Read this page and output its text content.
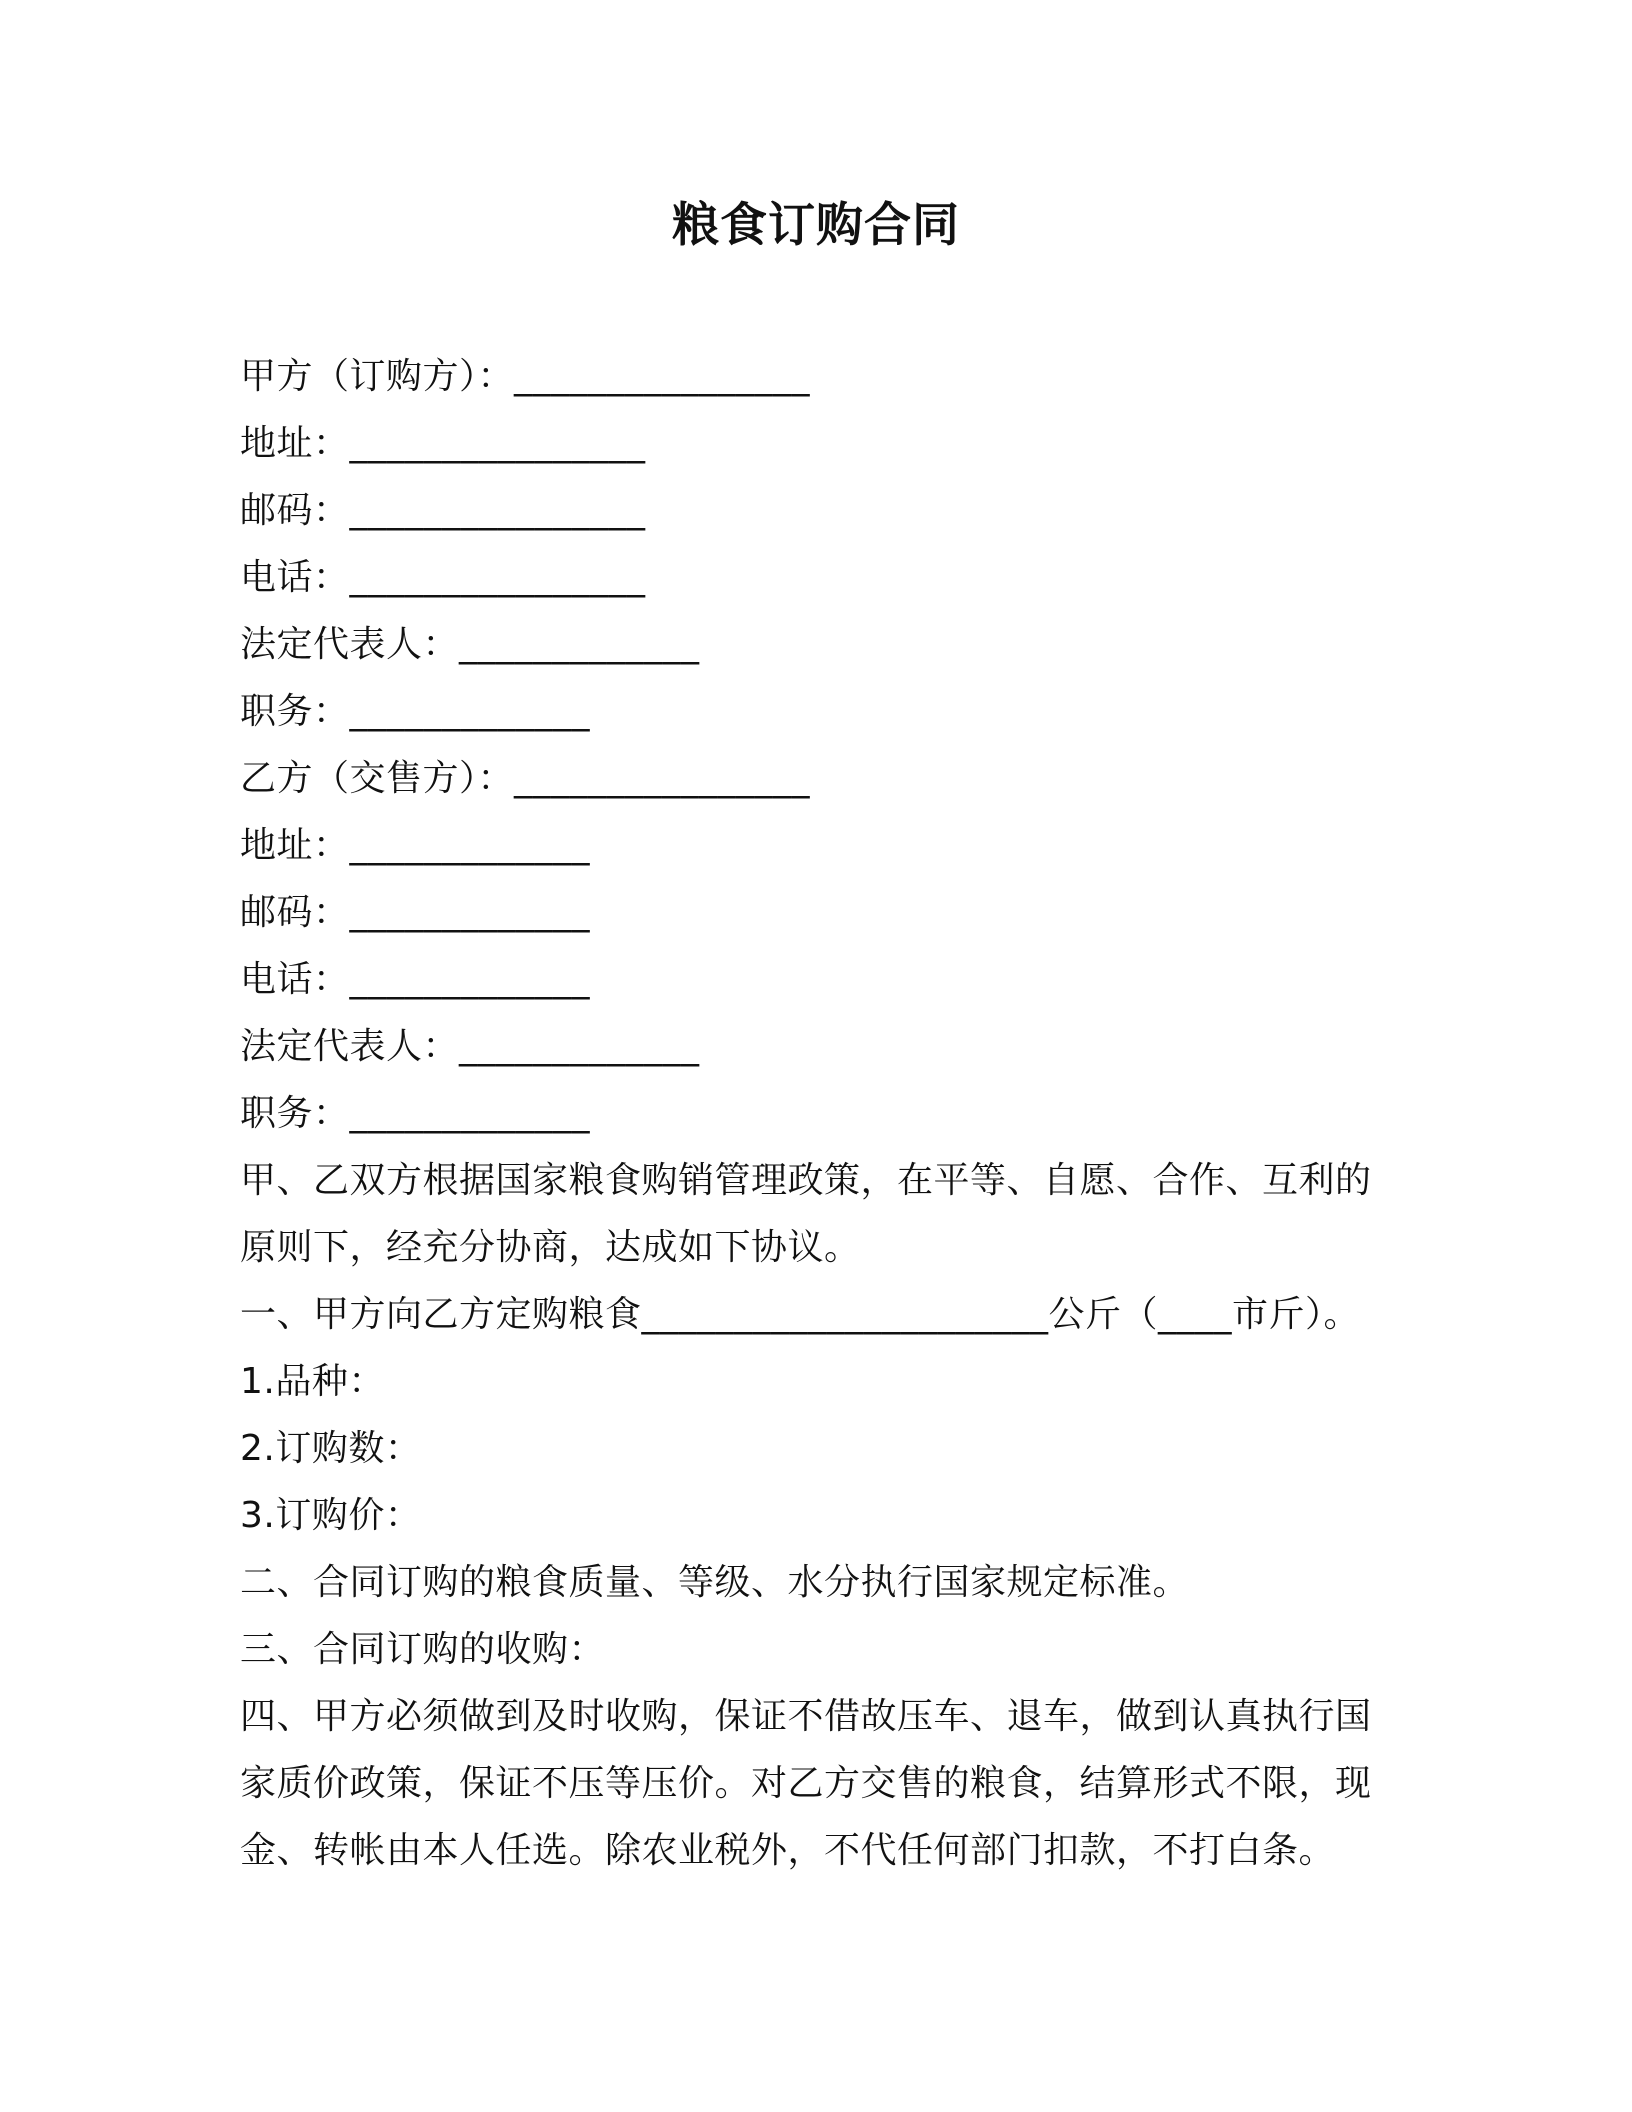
粮食订购合同
甲方（订购方）：________________
地址：________________
邮码：________________
电话：________________
法定代表人：_____________
职务：_____________
乙方（交售方）：________________
地址：_____________
邮码：_____________
电话：_____________
法定代表人：_____________
职务：_____________
甲、乙双方根据国家粮食购销管理政策，在平等、自愿、合作、互利的
原则下，经充分协商，达成如下协议。
一、甲方向乙方定购粮食______________________公斤（____市斤）。
1.品种：
2.订购数：
3.订购价：
二、合同订购的粮食质量、等级、水分执行国家规定标准。
三、合同订购的收购：
四、甲方必须做到及时收购，保证不借故压车、退车，做到认真执行国
家质价政策，保证不压等压价。对乙方交售的粮食，结算形式不限，现
金、转帐由本人任选。除农业税外，不代任何部门扣款，不打白条。
